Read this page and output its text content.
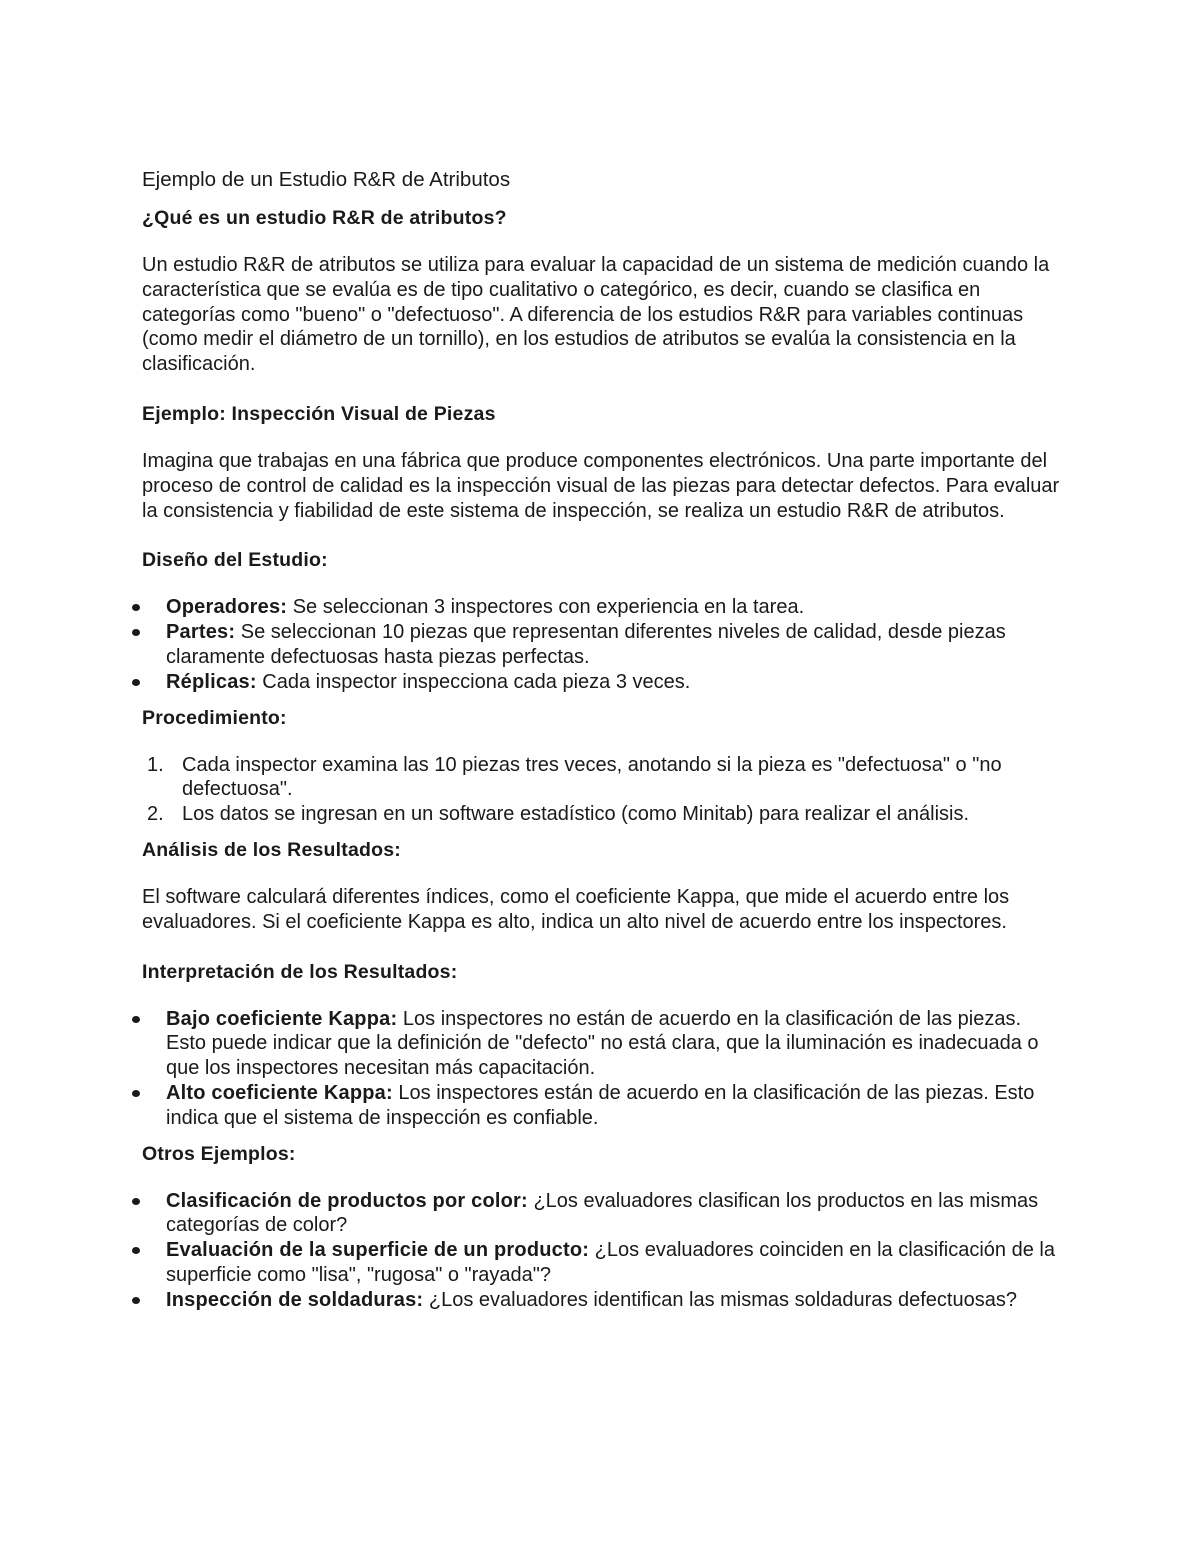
Ejemplo de un Estudio R&R de Atributos
¿Qué es un estudio R&R de atributos?

Un estudio R&R de atributos se utiliza para evaluar la capacidad de un sistema de medición cuando la característica que se evalúa es de tipo cualitativo o categórico, es decir, cuando se clasifica en categorías como "bueno" o "defectuoso". A diferencia de los estudios R&R para variables continuas (como medir el diámetro de un tornillo), en los estudios de atributos se evalúa la consistencia en la clasificación.

Ejemplo: Inspección Visual de Piezas

Imagina que trabajas en una fábrica que produce componentes electrónicos. Una parte importante del proceso de control de calidad es la inspección visual de las piezas para detectar defectos. Para evaluar la consistencia y fiabilidad de este sistema de inspección, se realiza un estudio R&R de atributos.

Diseño del Estudio:
Operadores: Se seleccionan 3 inspectores con experiencia en la tarea.
Partes: Se seleccionan 10 piezas que representan diferentes niveles de calidad, desde piezas claramente defectuosas hasta piezas perfectas.
Réplicas: Cada inspector inspecciona cada pieza 3 veces.
Procedimiento:
1. Cada inspector examina las 10 piezas tres veces, anotando si la pieza es "defectuosa" o "no defectuosa".
2. Los datos se ingresan en un software estadístico (como Minitab) para realizar el análisis.
Análisis de los Resultados:

El software calculará diferentes índices, como el coeficiente Kappa, que mide el acuerdo entre los evaluadores. Si el coeficiente Kappa es alto, indica un alto nivel de acuerdo entre los inspectores.

Interpretación de los Resultados:
Bajo coeficiente Kappa: Los inspectores no están de acuerdo en la clasificación de las piezas. Esto puede indicar que la definición de "defecto" no está clara, que la iluminación es inadecuada o que los inspectores necesitan más capacitación.
Alto coeficiente Kappa: Los inspectores están de acuerdo en la clasificación de las piezas. Esto indica que el sistema de inspección es confiable.
Otros Ejemplos:
Clasificación de productos por color: ¿Los evaluadores clasifican los productos en las mismas categorías de color?
Evaluación de la superficie de un producto: ¿Los evaluadores coinciden en la clasificación de la superficie como "lisa", "rugosa" o "rayada"?
Inspección de soldaduras: ¿Los evaluadores identifican las mismas soldaduras defectuosas?
